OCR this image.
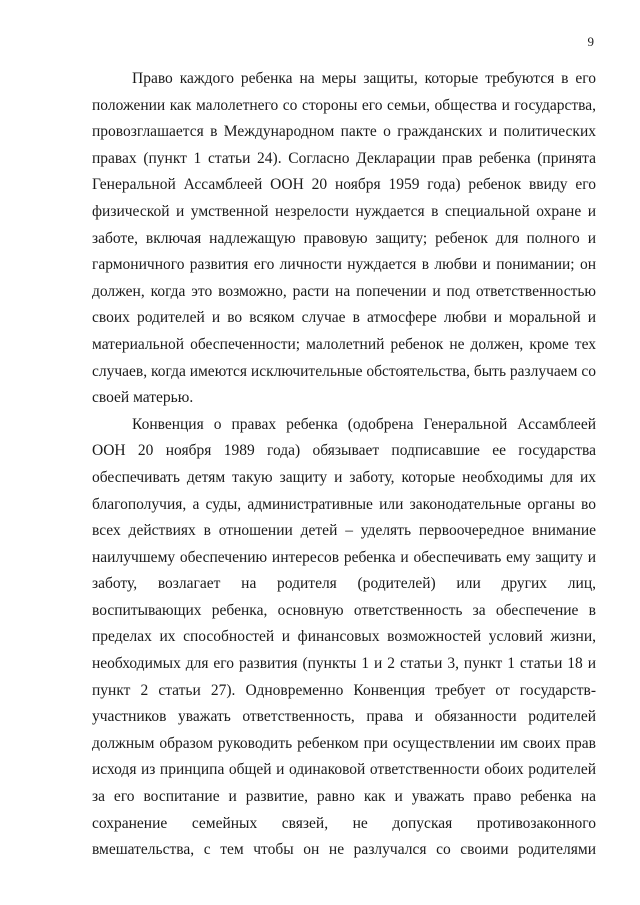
9
Право каждого ребенка на меры защиты, которые требуются в его
положении как малолетнего со стороны его семьи, общества и государства,
провозглашается в Международном пакте о гражданских и политических
правах (пункт 1 статьи 24). Согласно Декларации прав ребенка (принята
Генеральной Ассамблеей ООН 20 ноября 1959 года) ребенок ввиду его
физической и умственной незрелости нуждается в специальной охране и
заботе, включая надлежащую правовую защиту; ребенок для полного и
гармоничного развития его личности нуждается в любви и понимании; он
должен, когда это возможно, расти на попечении и под ответственностью
своих родителей и во всяком случае в атмосфере любви и моральной и
материальной обеспеченности; малолетний ребенок не должен, кроме тех
случаев, когда имеются исключительные обстоятельства, быть разлучаем со
своей матерью.
Конвенция о правах ребенка (одобрена Генеральной Ассамблеей
ООН 20 ноября 1989 года) обязывает подписавшие ее государства
обеспечивать детям такую защиту и заботу, которые необходимы для их
благополучия, а суды, административные или законодательные органы во
всех действиях в отношении детей – уделять первоочередное внимание
наилучшему обеспечению интересов ребенка и обеспечивать ему защиту и
заботу, возлагает на родителя (родителей) или других лиц,
воспитывающих ребенка, основную ответственность за обеспечение в
пределах их способностей и финансовых возможностей условий жизни,
необходимых для его развития (пункты 1 и 2 статьи 3, пункт 1 статьи 18 и
пункт 2 статьи 27). Одновременно Конвенция требует от государств-
участников уважать ответственность, права и обязанности родителей
должным образом руководить ребенком при осуществлении им своих прав
исходя из принципа общей и одинаковой ответственности обоих родителей
за его воспитание и развитие, равно как и уважать право ребенка на
сохранение семейных связей, не допуская противозаконного
вмешательства, с тем чтобы он не разлучался со своими родителями
